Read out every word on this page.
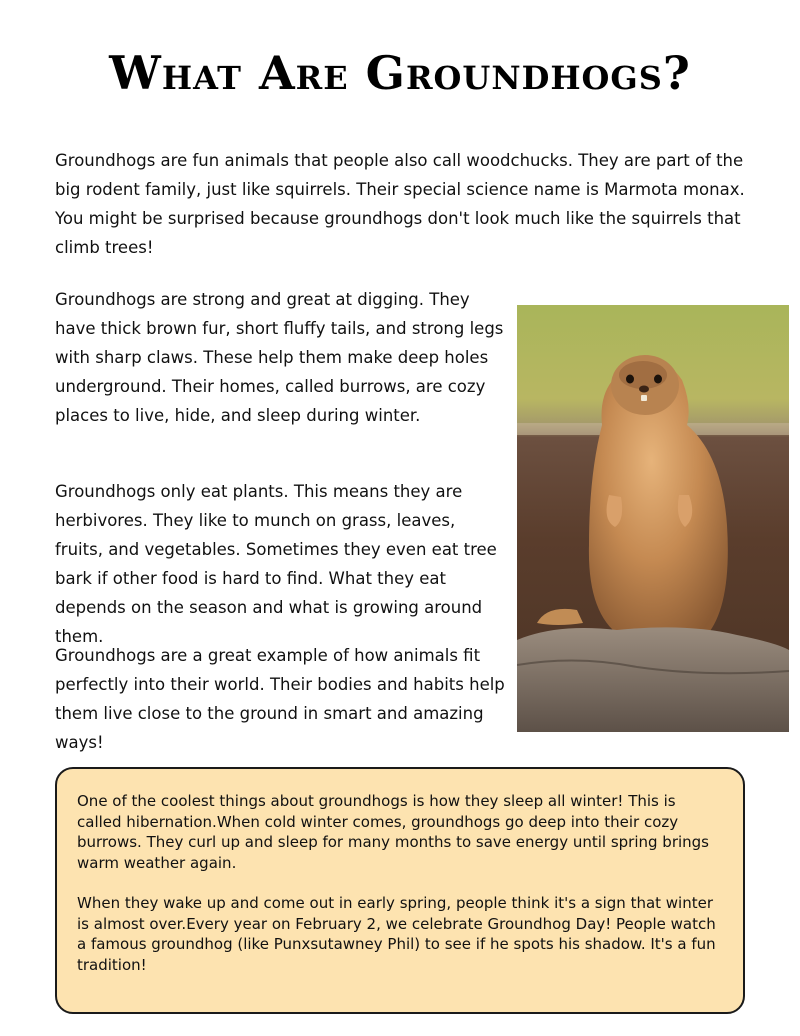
What Are Groundhogs?

Groundhogs are fun animals that people also call woodchucks. They are part of the big rodent family, just like squirrels. Their special science name is Marmota monax. You might be surprised because groundhogs don't look much like the squirrels that climb trees!

Groundhogs are strong and great at digging. They have thick brown fur, short fluffy tails, and strong legs with sharp claws. These help them make deep holes underground. Their homes, called burrows, are cozy places to live, hide, and sleep during winter.

Groundhogs only eat plants. This means they are herbivores. They like to munch on grass, leaves, fruits, and vegetables. Sometimes they even eat tree bark if other food is hard to find. What they eat depends on the season and what is growing around them.

Groundhogs are a great example of how animals fit perfectly into their world. Their bodies and habits help them live close to the ground in smart and amazing ways!

One of the coolest things about groundhogs is how they sleep all winter! This is called hibernation.When cold winter comes, groundhogs go deep into their cozy burrows. They curl up and sleep for many months to save energy until spring brings warm weather again.

When they wake up and come out in early spring, people think it's a sign that winter is almost over.Every year on February 2, we celebrate Groundhog Day! People watch a famous groundhog (like Punxsutawney Phil) to see if he spots his shadow. It's a fun tradition!
